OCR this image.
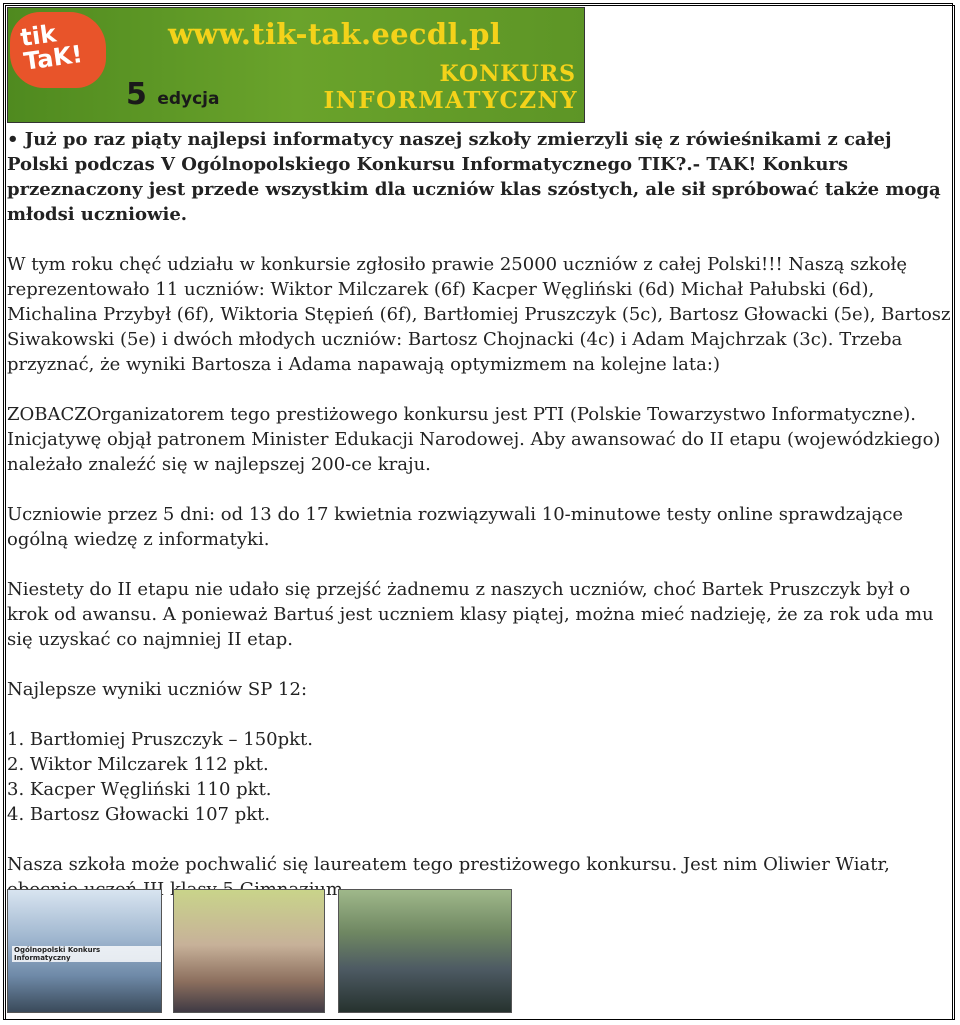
tik
TaK!
www.tik-tak.eecdl.pl
5 edycja
KONKURS
INFORMATYCZNY

• Już po raz piąty najlepsi informatycy naszej szkoły zmierzyli się z rówieśnikami z całej Polski podczas V Ogólnopolskiego Konkursu Informatycznego TIK?.- TAK! Konkurs przeznaczony jest przede wszystkim dla uczniów klas szóstych, ale sił spróbować także mogą młodsi uczniowie.

W tym roku chęć udziału w konkursie zgłosiło prawie 25000 uczniów z całej Polski!!! Naszą szkołę reprezentowało 11 uczniów: Wiktor Milczarek (6f) Kacper Węgliński (6d) Michał Pałubski (6d), Michalina Przybył (6f), Wiktoria Stępień (6f), Bartłomiej Pruszczyk (5c), Bartosz Głowacki (5e), Bartosz Siwakowski (5e) i dwóch młodych uczniów: Bartosz Chojnacki (4c) i Adam Majchrzak (3c). Trzeba przyznać, że wyniki Bartosza i Adama napawają optymizmem na kolejne lata:)

ZOBACZOrganizatorem tego prestiżowego konkursu jest PTI (Polskie Towarzystwo Informatyczne). Inicjatywę objął patronem Minister Edukacji Narodowej. Aby awansować do II etapu (wojewódzkiego) należało znaleźć się w najlepszej 200-ce kraju.

Uczniowie przez 5 dni: od 13 do 17 kwietnia rozwiązywali 10-minutowe testy online sprawdzające ogólną wiedzę z informatyki.

Niestety do II etapu nie udało się przejść żadnemu z naszych uczniów, choć Bartek Pruszczyk był o krok od awansu. A ponieważ Bartuś jest uczniem klasy piątej, można mieć nadzieję, że za rok uda mu się uzyskać co najmniej II etap.

Najlepsze wyniki uczniów SP 12:

1. Bartłomiej Pruszczyk – 150pkt.

2. Wiktor Milczarek 112 pkt.

3. Kacper Węgliński 110 pkt.

4. Bartosz Głowacki 107 pkt.

Nasza szkoła może pochwalić się laureatem tego prestiżowego konkursu. Jest nim Oliwier Wiatr,

Ogólnopolski Konkurs Informatyczny
